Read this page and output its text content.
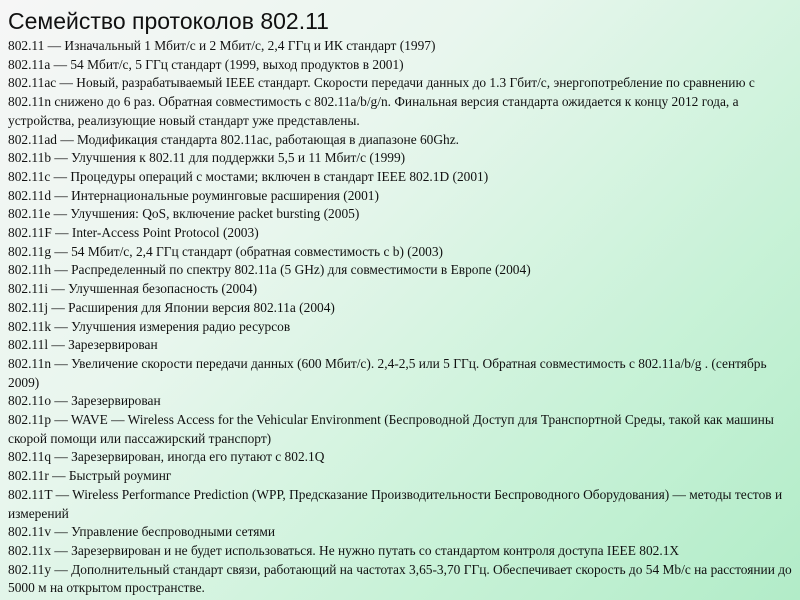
Семейство протоколов 802.11
802.11 — Изначальный 1 Мбит/c и 2 Мбит/c, 2,4 ГГц и ИК стандарт (1997)
802.11a — 54 Мбит/c, 5 ГГц стандарт (1999, выход продуктов в 2001)
802.11ac — Новый, разрабатываемый IEEE стандарт. Скорости передачи данных до 1.3 Гбит/с, энергопотребление по сравнению с 802.11n снижено до 6 раз. Обратная совместимость с 802.11a/b/g/n. Финальная версия стандарта ожидается к концу 2012 года, а устройства, реализующие новый стандарт уже представлены.
802.11ad — Модификация стандарта 802.11ac, работающая в диапазоне 60Ghz.
802.11b — Улучшения к 802.11 для поддержки 5,5 и 11 Мбит/c (1999)
802.11c — Процедуры операций с мостами; включен в стандарт IEEE 802.1D (2001)
802.11d — Интернациональные роуминговые расширения (2001)
802.11e — Улучшения: QoS, включение packet bursting (2005)
802.11F — Inter-Access Point Protocol (2003)
802.11g — 54 Мбит/c, 2,4 ГГц стандарт (обратная совместимость с b) (2003)
802.11h — Распределенный по спектру 802.11a (5 GHz) для совместимости в Европе (2004)
802.11i — Улучшенная безопасность (2004)
802.11j — Расширения для Японии версия 802.11a (2004)
802.11k — Улучшения измерения радио ресурсов
802.11l — Зарезервирован
802.11n — Увеличение скорости передачи данных (600 Мбит/c). 2,4-2,5 или 5 ГГц. Обратная совместимость с 802.11a/b/g . (сентябрь 2009)
802.11o — Зарезервирован
802.11p — WAVE — Wireless Access for the Vehicular Environment (Беспроводной Доступ для Транспортной Среды, такой как машины скорой помощи или пассажирский транспорт)
802.11q — Зарезервирован, иногда его путают с 802.1Q
802.11r — Быстрый роуминг
802.11T — Wireless Performance Prediction (WPP, Предсказание Производительности Беспроводного Оборудования) — методы тестов и измерений
802.11v — Управление беспроводными сетями
802.11x — Зарезервирован и не будет использоваться. Не нужно путать со стандартом контроля доступа IEEE 802.1X
802.11y — Дополнительный стандарт связи, работающий на частотах 3,65-3,70 ГГц. Обеспечивает скорость до 54 Mb/с на расстоянии до 5000 м на открытом пространстве.
